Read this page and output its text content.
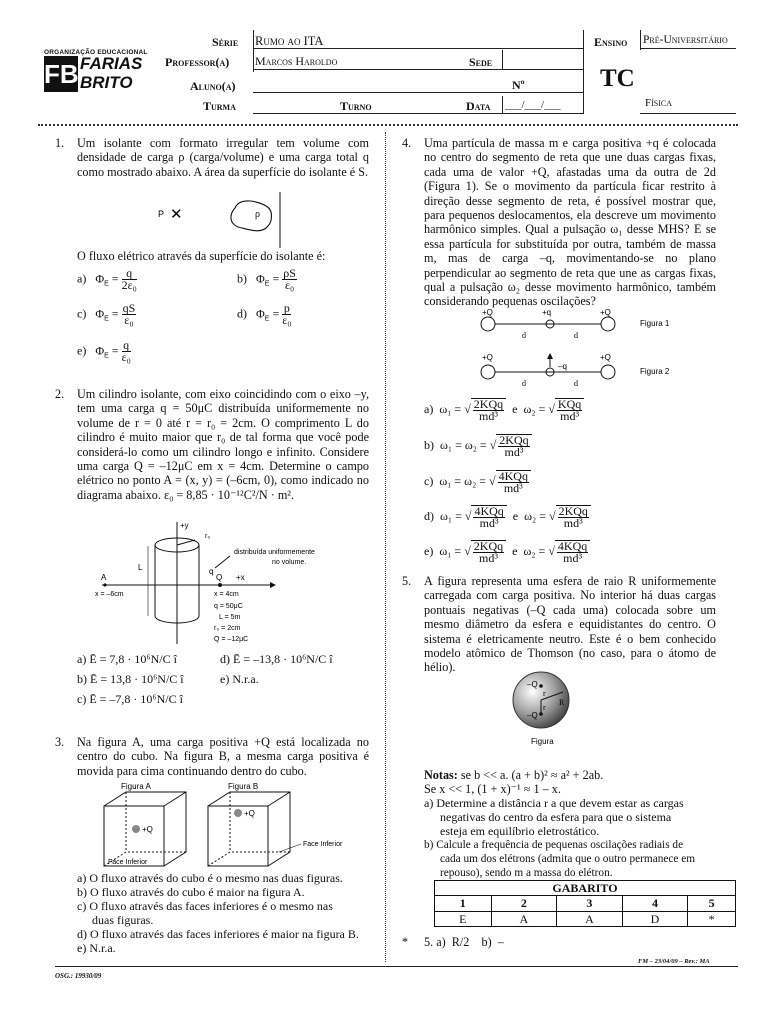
ORGANIZAÇÃO EDUCACIONAL
FB FARIAS BRITO
Série Rumo ao ITA	Ensino Pré-Universitário
Professor(a) Marcos Haroldo	Sede
Aluno(a)	Nº	TC
Turma	Turno	Data ___/___/___	Física
1. Um isolante com formato irregular tem volume com densidade de carga ρ (carga/volume) e uma carga total q como mostrado abaixo. A área da superfície do isolante é S.

P ✕	ρ

O fluxo elétrico através da superfície do isolante é:

a) $\Phi_E = \frac{q}{\text{2ε₀}}$	b) $\Phi_E = \frac{\rho S}{\text{ε₀}}$
c) $\Phi_E = \frac{qS}{\text{ε₀}}$	d) $\Phi_E = \frac{p}{\text{ε₀}}$
e) $\Phi_E = \frac{q}{\text{ε₀}}$
2. Um cilindro isolante, com eixo coincidindo com o eixo –y, tem uma carga q = 50μC distribuída uniformemente no volume de r = 0 até r = r₀ = 2cm. O comprimento L do cilindro é muito maior que r₀ de tal forma que você pode considerá-lo como um cilindro longo e infinito. Considere uma carga Q = –12μC em x = 4cm. Determine o campo elétrico no ponto A = (x, y) = (–6cm, 0), como indicado no diagrama abaixo. ε₀ = 8,85 · 10⁻¹²C²/N · m².

+y
r₀
q
distribuída uniformemente
no volume.
L
A	Q +x
x = –6cm	x = 4cm
q = 50μC
L = 5m
r₀ = 2cm
Q = –12μC
a) Ē = 7,8 · 10⁶N/C î	d) Ē = –13,8 · 10⁶N/C î
b) Ē = 13,8 · 10⁶N/C î	e) N.r.a.
c) Ē = –7,8 · 10⁶N/C î
3. Na figura A, uma carga positiva +Q está localizada no centro do cubo. Na figura B, a mesma carga positiva é movida para cima continuando dentro do cubo.

Figura A
+Q
Face Inferior
Figura B
+Q
Face Inferior
a) O fluxo através do cubo é o mesmo nas duas figuras.
b) O fluxo através do cubo é maior na figura A.
c) O fluxo através das faces inferiores é o mesmo nas
duas figuras.
d) O fluxo através das faces inferiores é maior na figura B.
e) N.r.a.
4. Uma partícula de massa m e carga positiva +q é colocada no centro do segmento de reta que une duas cargas fixas, cada uma de valor +Q, afastadas uma da outra de 2d (Figura 1). Se o movimento da partícula ficar restrito à direção desse segmento de reta, é possível mostrar que, para pequenos deslocamentos, ela descreve um movimento harmônico simples. Qual a pulsação ω₁ desse MHS? E se essa partícula for substituída por outra, também de massa m, mas de carga –q, movimentando-se no plano perpendicular ao segmento de reta que une as cargas fixas, qual a pulsação ω₂ desse movimento harmônico, também considerando pequenas oscilações?

+Q	+q	+Q
d	d
Figura 1
+Q
–q
+Q
d	d
Figura 2
a) ω₁ = √ $\frac{\text{2KQq}}{\text{md³}}$ e ω₂ = √ $\frac{\text{KQq}}{\text{md³}}$
b) ω₁ = ω₂ = √ $\frac{\text{2KQq}}{\text{md³}}$
c) ω₁ = ω₂ = √ $\frac{\text{4KQq}}{\text{md³}}$
d) ω₁ = √ $\frac{\text{4KQq}}{\text{md³}}$ e ω₂ = √ $\frac{\text{2KQq}}{\text{md³}}$
e) ω₁ = √ $\frac{\text{2KQq}}{\text{md³}}$ e ω₂ = √ $\frac{\text{4KQq}}{\text{md³}}$
5. A figura representa uma esfera de raio R uniformemente carregada com carga positiva. No interior há duas cargas pontuais negativas (–Q cada uma) colocada sobre um mesmo diâmetro da esfera e equidistantes do centro. O sistema é eletricamente neutro. Este é o bem conhecido modelo atômico de Thomson (no caso, para o átomo de hélio).

–Q
–Q
r
r
R
Figura
Notas: se b << a. (a + b)² ≈ a² + 2ab.
Se x << 1, (1 + x)⁻¹ ≈ 1 – x.
a) Determine a distância r a que devem estar as cargas
negativas do centro da esfera para que o sistema
esteja em equilíbrio eletrostático.
b) Calcule a frequência de pequenas oscilações radiais de
cada um dos elétrons (admita que o outro permanece em
repouso), sendo m a massa do elétron.
GABARITO				
1	2	3	4	5
E	A	A	D	*
* 5. a)  R/2    b)  –
OSG.: 19930/09
FM – 23/04/09 – Rev.: MA
